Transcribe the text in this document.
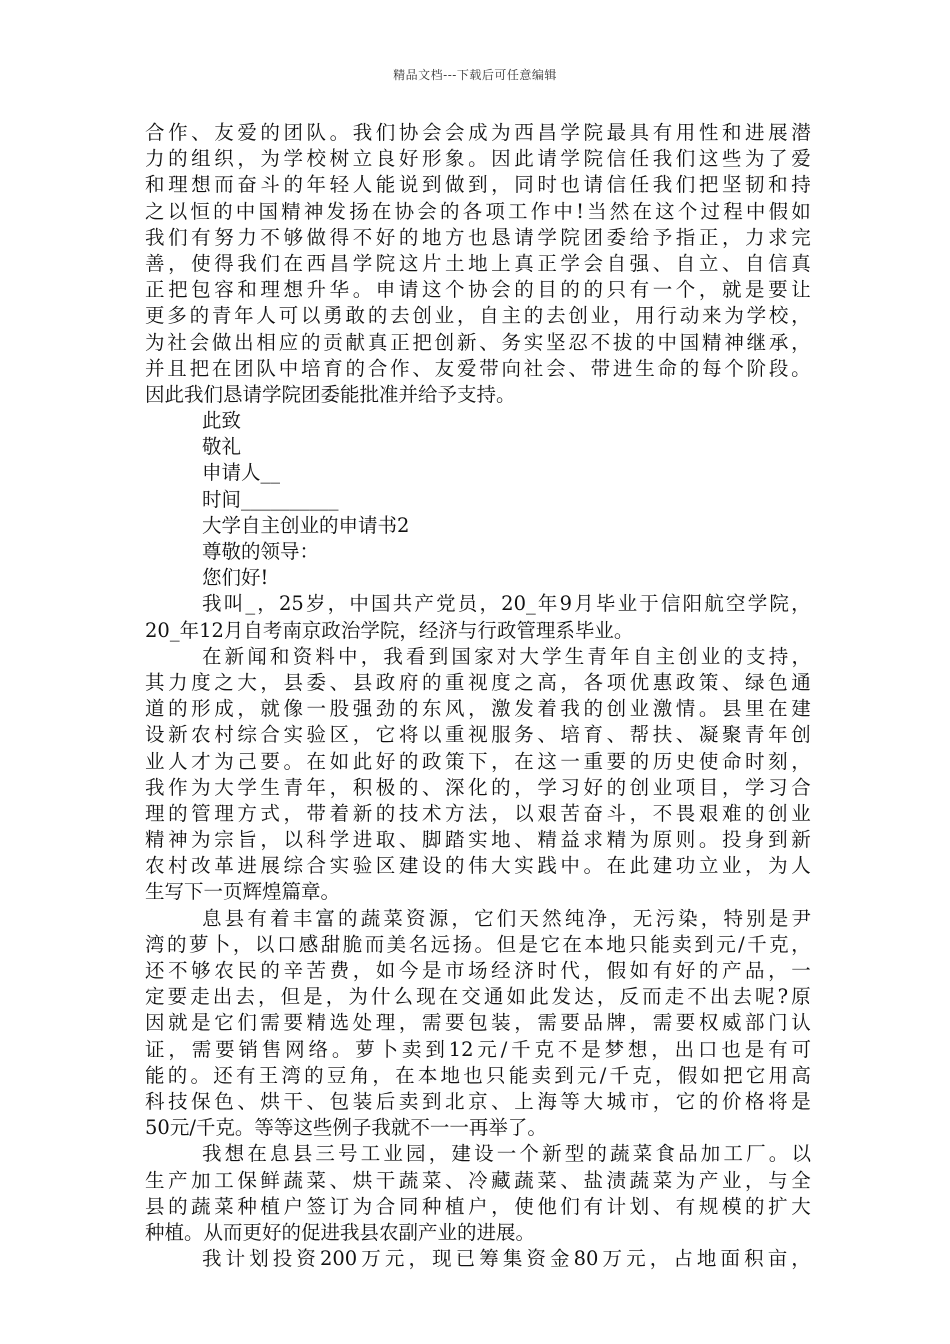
精品文档---下载后可任意编辑
合 作 、 友 爱 的 团 队 。 我 们 协 会 会 成 为 西 昌 学 院 最 具 有 用 性 和 进 展 潜
力 的 组 织 ， 为 学 校 树 立 良 好 形 象 。 因 此 请 学 院 信 任 我 们 这 些 为 了 爱
和 理 想 而 奋 斗 的 年 轻 人 能 说 到 做 到 ， 同 时 也 请 信 任 我 们 把 坚 韧 和 持
之 以 恒 的 中 国 精 神 发 扬 在 协 会 的 各 项 工 作 中 ! 当 然 在 这 个 过 程 中 假 如
我 们 有 努 力 不 够 做 得 不 好 的 地 方 也 恳 请 学 院 团 委 给 予 指 正 ， 力 求 完
善 ， 使 得 我 们 在 西 昌 学 院 这 片 土 地 上 真 正 学 会 自 强 、 自 立 、 自 信 真
正 把 包 容 和 理 想 升 华 。 申 请 这 个 协 会 的 目 的 的 只 有 一 个 ， 就 是 要 让
更 多 的 青 年 人 可 以 勇 敢 的 去 创 业 ， 自 主 的 去 创 业 ， 用 行 动 来 为 学 校 ，
为 社 会 做 出 相 应 的 贡 献 真 正 把 创 新 、 务 实 坚 忍 不 拔 的 中 国 精 神 继 承 ，
并 且 把 在 团 队 中 培 育 的 合 作 、 友 爱 带 向 社 会 、 带 进 生 命 的 每 个 阶 段 。
因此我们恳请学院团委能批准并给予支持。
此致
敬礼
申请人__
时间__________
大学自主创业的申请书2
尊敬的领导：
您们好!
我 叫 _ ， 25 岁 ， 中 国 共 产 党 员 ， 20_ 年 9 月 毕 业 于 信 阳 航 空 学 院 ，
20_年12月自考南京政治学院，经济与行政管理系毕业。
在 新 闻 和 资 料 中 ， 我 看 到 国 家 对 大 学 生 青 年 自 主 创 业 的 支 持 ，
其 力 度 之 大 ， 县 委 、 县 政 府 的 重 视 度 之 高 ， 各 项 优 惠 政 策 、 绿 色 通
道 的 形 成 ， 就 像 一 股 强 劲 的 东 风 ， 激 发 着 我 的 创 业 激 情 。 县 里 在 建
设 新 农 村 综 合 实 验 区 ， 它 将 以 重 视 服 务 、 培 育 、 帮 扶 、 凝 聚 青 年 创
业 人 才 为 己 要 。 在 如 此 好 的 政 策 下 ， 在 这 一 重 要 的 历 史 使 命 时 刻 ，
我 作 为 大 学 生 青 年 ， 积 极 的 、 深 化 的 ， 学 习 好 的 创 业 项 目 ， 学 习 合
理 的 管 理 方 式 ， 带 着 新 的 技 术 方 法 ， 以 艰 苦 奋 斗 ， 不 畏 艰 难 的 创 业
精 神 为 宗 旨 ， 以 科 学 进 取 、 脚 踏 实 地 、 精 益 求 精 为 原 则 。 投 身 到 新
农 村 改 革 进 展 综 合 实 验 区 建 设 的 伟 大 实 践 中 。 在 此 建 功 立 业 ， 为 人
生写下一页辉煌篇章。
息 县 有 着 丰 富 的 蔬 菜 资 源 ， 它 们 天 然 纯 净 ， 无 污 染 ， 特 别 是 尹
湾 的 萝 卜 ， 以 口 感 甜 脆 而 美 名 远 扬 。 但 是 它 在 本 地 只 能 卖 到 元 / 千 克 ，
还 不 够 农 民 的 辛 苦 费 ， 如 今 是 市 场 经 济 时 代 ， 假 如 有 好 的 产 品 ， 一
定 要 走 出 去 ， 但 是 ， 为 什 么 现 在 交 通 如 此 发 达 ， 反 而 走 不 出 去 呢 ? 原
因 就 是 它 们 需 要 精 选 处 理 ， 需 要 包 装 ， 需 要 品 牌 ， 需 要 权 威 部 门 认
证 ， 需 要 销 售 网 络 。 萝 卜 卖 到 12 元 / 千 克 不 是 梦 想 ， 出 口 也 是 有 可
能 的 。 还 有 王 湾 的 豆 角 ， 在 本 地 也 只 能 卖 到 元 / 千 克 ， 假 如 把 它 用 高
科 技 保 色 、 烘 干 、 包 装 后 卖 到 北 京 、 上 海 等 大 城 市 ， 它 的 价 格 将 是
50元/千克。等等这些例子我就不一一再举了。
我 想 在 息 县 三 号 工 业 园 ， 建 设 一 个 新 型 的 蔬 菜 食 品 加 工 厂 。 以
生 产 加 工 保 鲜 蔬 菜 、 烘 干 蔬 菜 、 冷 藏 蔬 菜 、 盐 渍 蔬 菜 为 产 业 ， 与 全
县 的 蔬 菜 种 植 户 签 订 为 合 同 种 植 户 ， 使 他 们 有 计 划 、 有 规 模 的 扩 大
种植。从而更好的促进我县农副产业的进展。
我 计 划 投 资 200 万 元 ， 现 已 筹 集 资 金 80 万 元 ， 占 地 面 积 亩 ，
